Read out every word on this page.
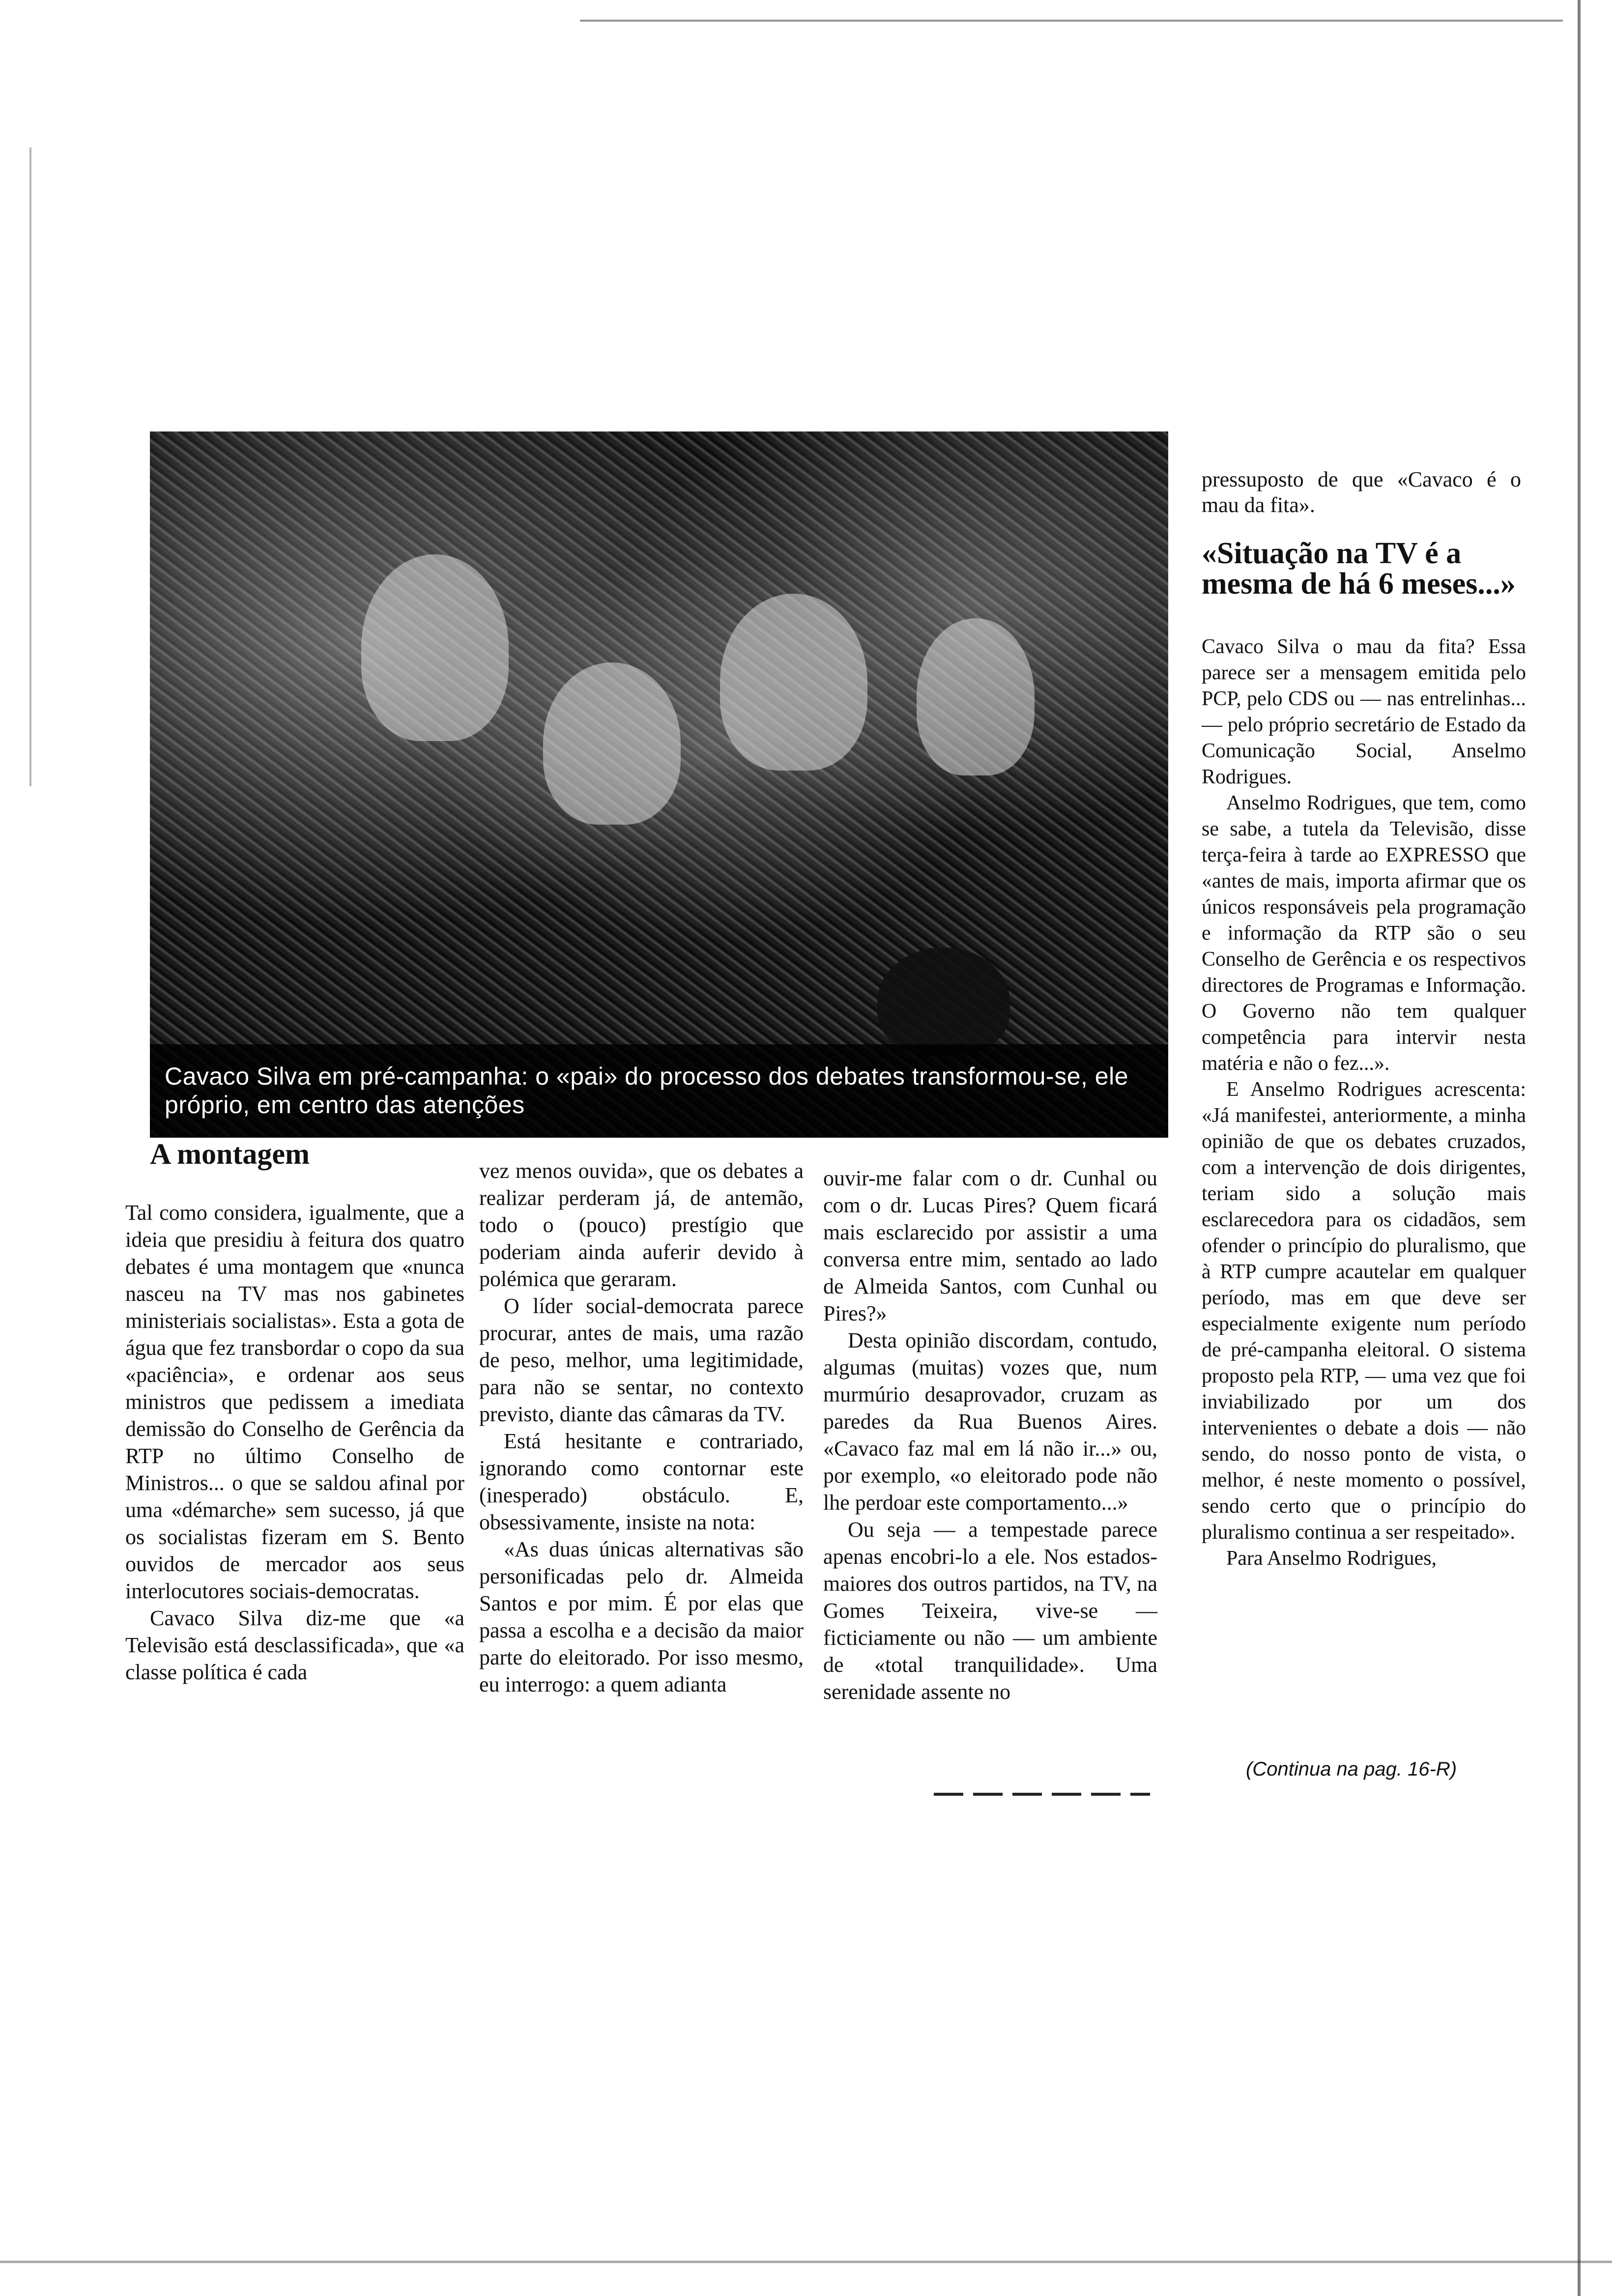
Cavaco Silva em pré-campanha: o «pai» do processo dos debates transformou-se, ele próprio, em centro das atenções

pressuposto de que «Cavaco é o mau da fita».

«Situação na TV é a mesma de há 6 meses...»

Cavaco Silva o mau da fita? Essa parece ser a mensagem emitida pelo PCP, pelo CDS ou — nas entrelinhas... — pelo próprio secretário de Estado da Comunicação Social, Anselmo Rodrigues.

Anselmo Rodrigues, que tem, como se sabe, a tutela da Televisão, disse terça-feira à tarde ao EXPRESSO que «antes de mais, importa afirmar que os únicos responsáveis pela programação e informação da RTP são o seu Conselho de Gerência e os respectivos directores de Programas e Informação. O Governo não tem qualquer competência para intervir nesta matéria e não o fez...».

E Anselmo Rodrigues acrescenta: «Já manifestei, anteriormente, a minha opinião de que os debates cruzados, com a intervenção de dois dirigentes, teriam sido a solução mais esclarecedora para os cidadãos, sem ofender o princípio do pluralismo, que à RTP cumpre acautelar em qualquer período, mas em que deve ser especialmente exigente num período de pré-campanha eleitoral. O sistema proposto pela RTP, — uma vez que foi inviabilizado por um dos intervenientes o debate a dois — não sendo, do nosso ponto de vista, o melhor, é neste momento o possível, sendo certo que o princípio do pluralismo continua a ser respeitado».

Para Anselmo Rodrigues,

A montagem

Tal como considera, igualmente, que a ideia que presidiu à feitura dos quatro debates é uma montagem que «nunca nasceu na TV mas nos gabinetes ministeriais socialistas». Esta a gota de água que fez transbordar o copo da sua «paciência», e ordenar aos seus ministros que pedissem a imediata demissão do Conselho de Gerência da RTP no último Conselho de Ministros... o que se saldou afinal por uma «démarche» sem sucesso, já que os socialistas fizeram em S. Bento ouvidos de mercador aos seus interlocutores sociais-democratas.

Cavaco Silva diz-me que «a Televisão está desclassificada», que «a classe política é cada

vez menos ouvida», que os debates a realizar perderam já, de antemão, todo o (pouco) prestígio que poderiam ainda auferir devido à polémica que geraram.

O líder social-democrata parece procurar, antes de mais, uma razão de peso, melhor, uma legitimidade, para não se sentar, no contexto previsto, diante das câmaras da TV.

Está hesitante e contrariado, ignorando como contornar este (inesperado) obstáculo. E, obsessivamente, insiste na nota:

«As duas únicas alternativas são personificadas pelo dr. Almeida Santos e por mim. É por elas que passa a escolha e a decisão da maior parte do eleitorado. Por isso mesmo, eu interrogo: a quem adianta

ouvir-me falar com o dr. Cunhal ou com o dr. Lucas Pires? Quem ficará mais esclarecido por assistir a uma conversa entre mim, sentado ao lado de Almeida Santos, com Cunhal ou Pires?»

Desta opinião discordam, contudo, algumas (muitas) vozes que, num murmúrio desaprovador, cruzam as paredes da Rua Buenos Aires. «Cavaco faz mal em lá não ir...» ou, por exemplo, «o eleitorado pode não lhe perdoar este comportamento...»

Ou seja — a tempestade parece apenas encobri-lo a ele. Nos estados-maiores dos outros partidos, na TV, na Gomes Teixeira, vive-se — ficticiamente ou não — um ambiente de «total tranquilidade». Uma serenidade assente no

(Continua na pag. 16-R)
